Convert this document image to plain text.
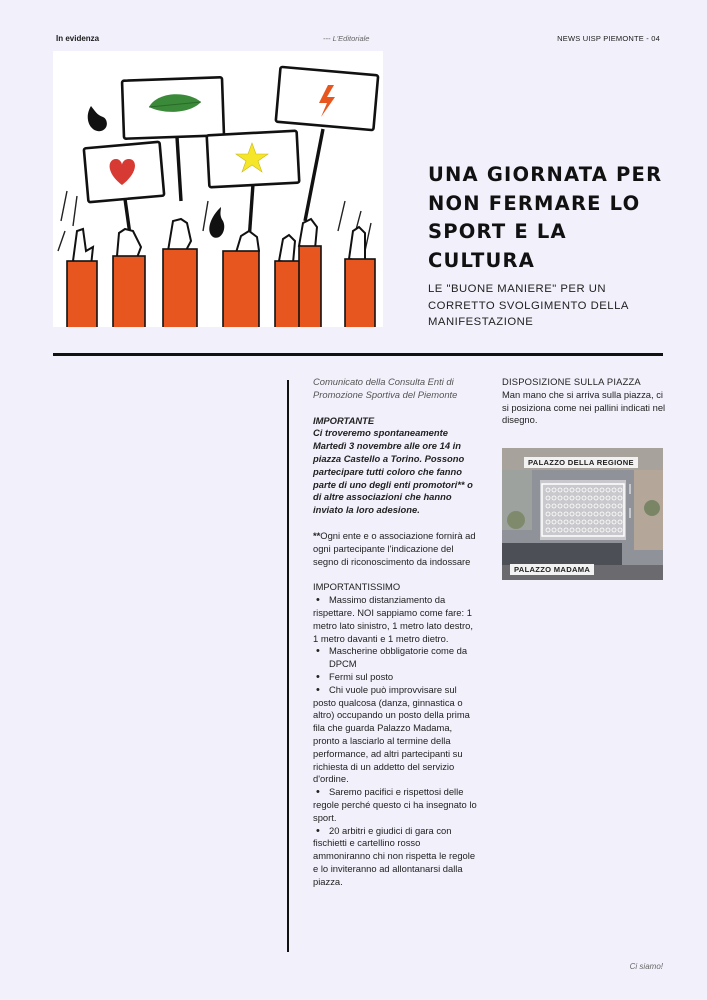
In evidenza	--- L'Editoriale	NEWS UISP PIEMONTE - 04
UNA GIORNATA PER NON FERMARE LO SPORT E LA CULTURA
LE "BUONE MANIERE" PER UN CORRETTO SVOLGIMENTO DELLA MANIFESTAZIONE
Comunicato della Consulta Enti di Promozione Sportiva del Piemonte
IMPORTANTE
Ci troveremo spontaneamente Martedì 3 novembre alle ore 14 in piazza Castello a Torino. Possono partecipare tutti coloro che fanno parte di uno degli enti promotori** o di altre associazioni che hanno inviato la loro adesione.
**Ogni ente e o associazione fornirà ad ogni partecipante l'indicazione del segno di riconoscimento da indossare
IMPORTANTISSIMO
• Massimo distanziamento da rispettare. NOI sappiamo come fare: 1 metro lato sinistro, 1 metro lato destro, 1 metro davanti e 1 metro dietro.
• Mascherine obbligatorie come da DPCM
• Fermi sul posto
• Chi vuole può improvvisare sul posto qualcosa (danza, ginnastica o altro) occupando un posto della prima fila che guarda Palazzo Madama, pronto a lasciarlo al termine della performance, ad altri partecipanti su richiesta di un addetto del servizio d'ordine.
• Saremo pacifici e rispettosi delle regole perché questo ci ha insegnato lo sport.
• 20 arbitri e giudici di gara con fischietti e cartellino rosso ammoniranno chi non rispetta le regole e lo inviteranno ad allontanarsi dalla piazza.
DISPOSIZIONE SULLA PIAZZA
Man mano che si arriva sulla piazza, ci si posiziona come nei pallini indicati nel disegno.
PALAZZO DELLA REGIONE
PALAZZO MADAMA
Ci siamo!
